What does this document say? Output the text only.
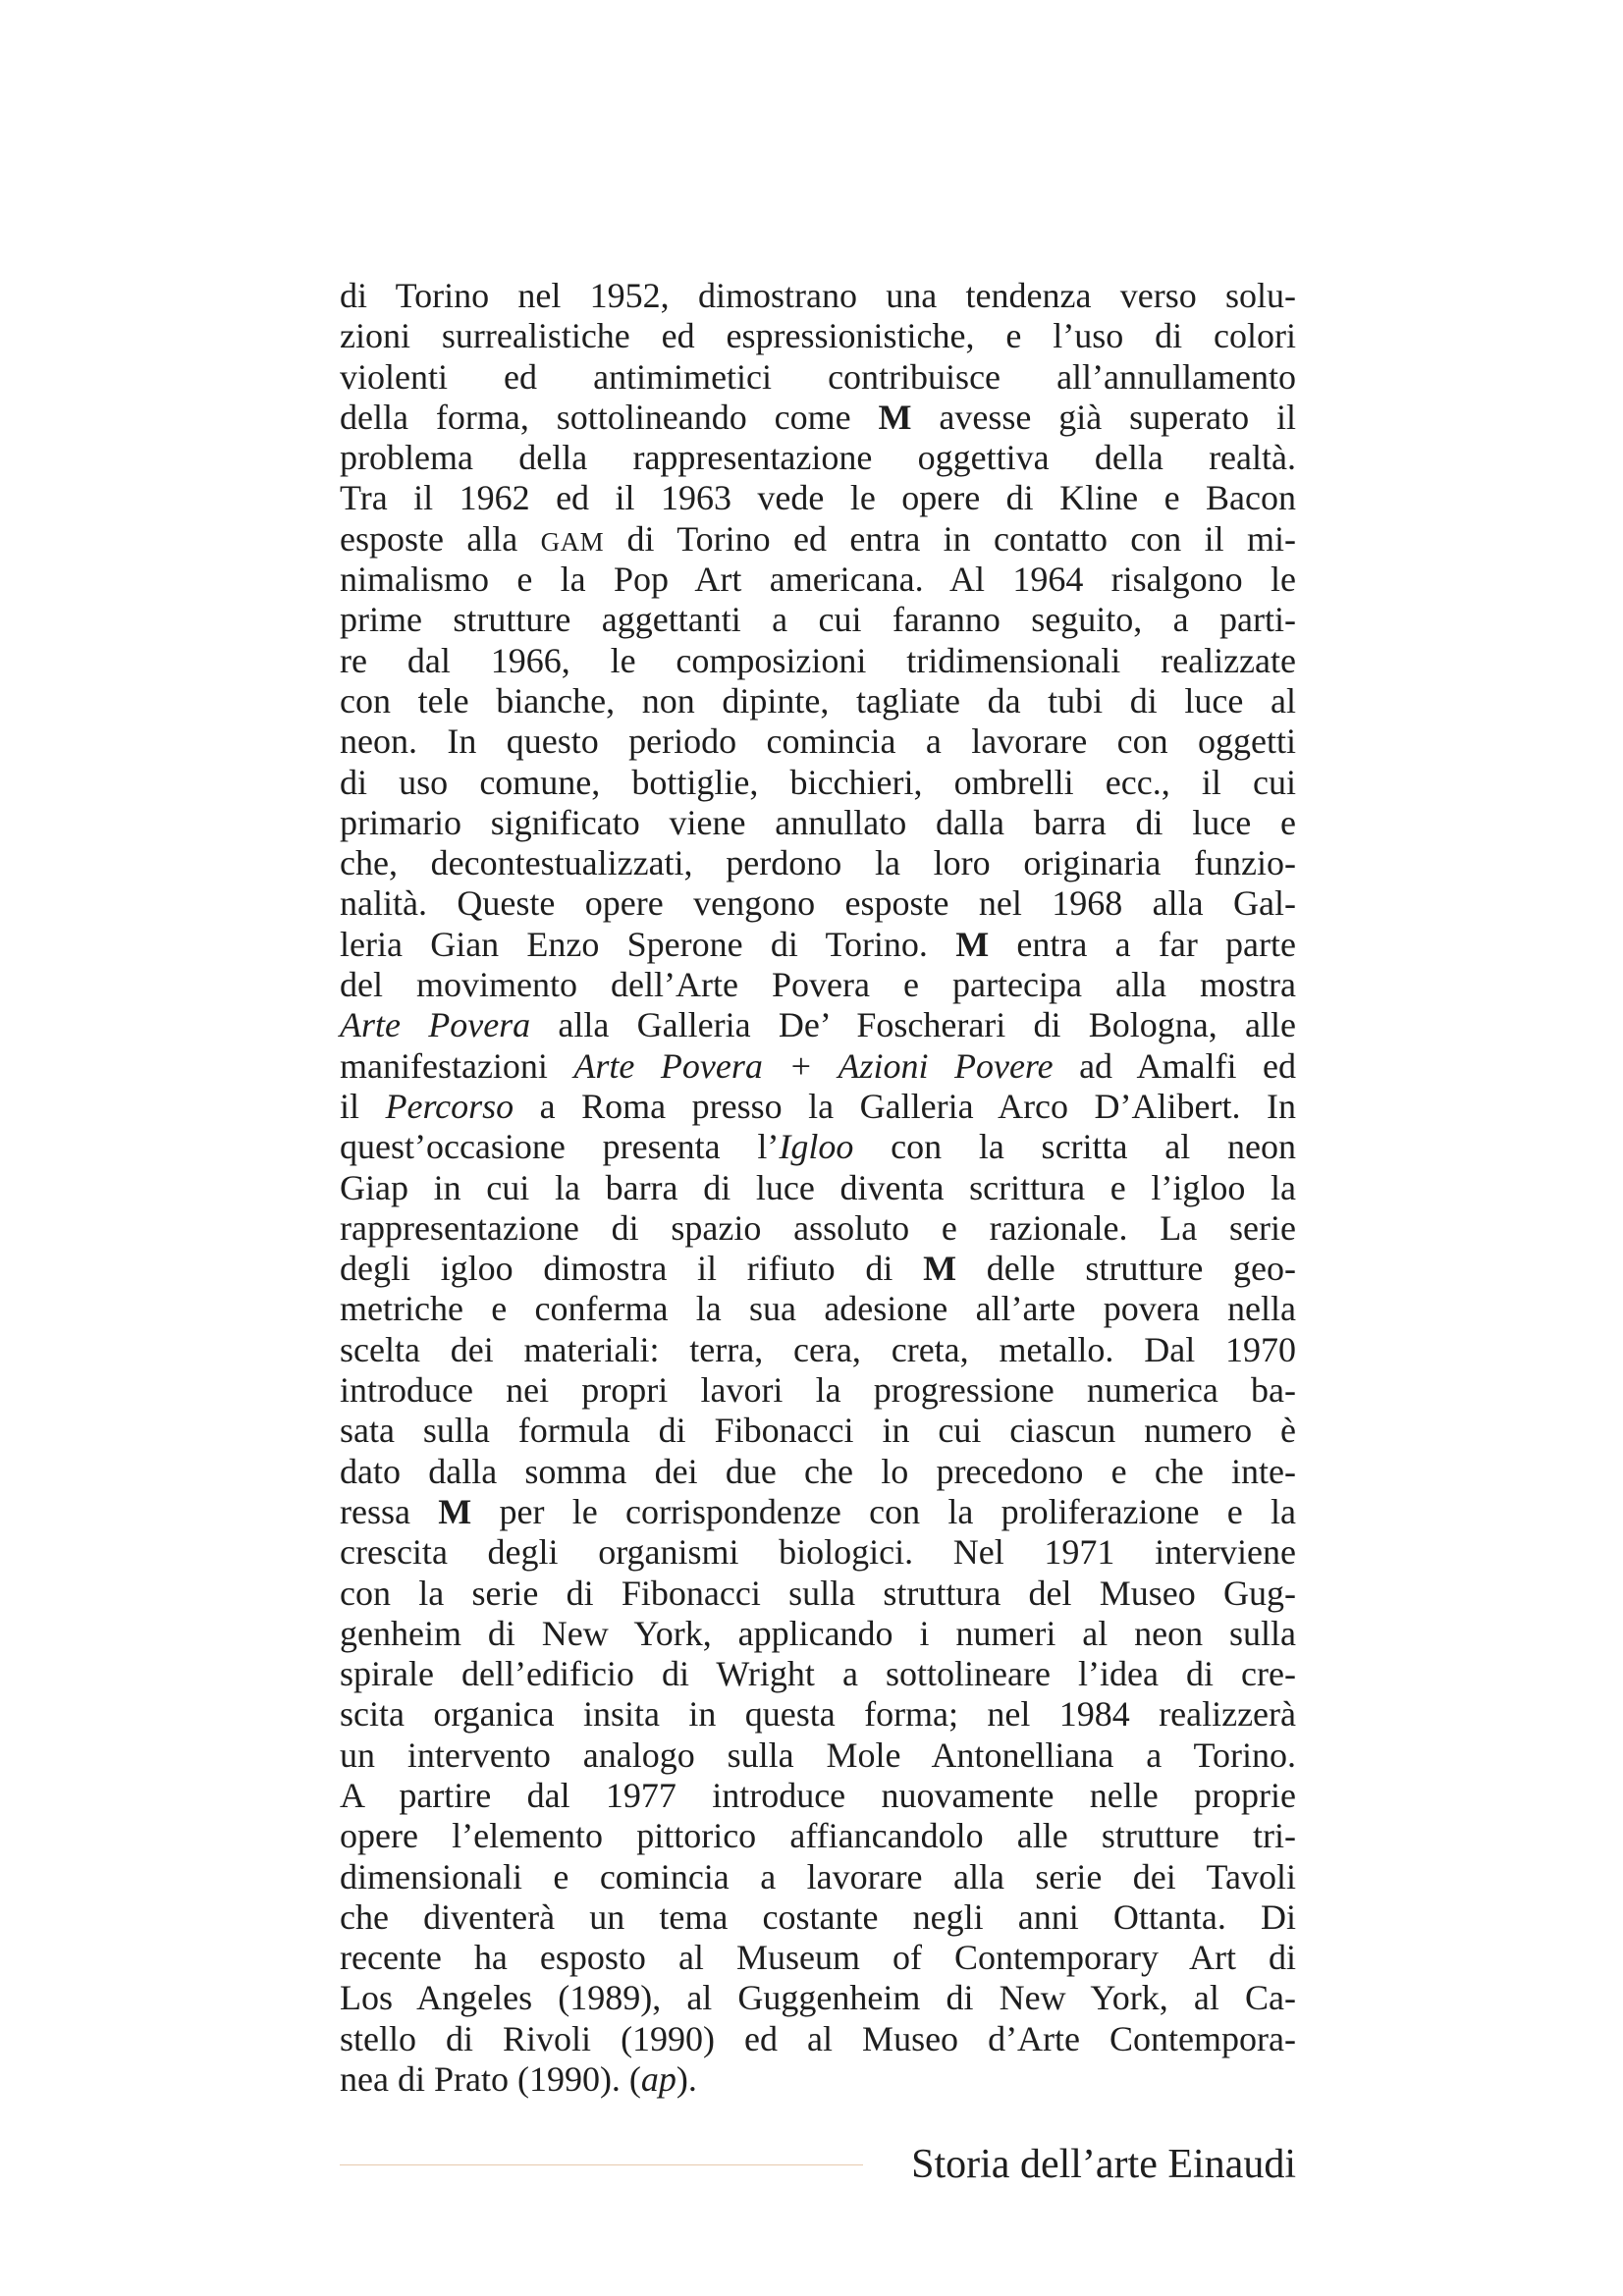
di Torino nel 1952, dimostrano una tendenza verso solu-
zioni surrealistiche ed espressionistiche, e l’uso di colori
violenti ed antimimetici contribuisce all’annullamento
della forma, sottolineando come M avesse già superato il
problema della rappresentazione oggettiva della realtà.
Tra il 1962 ed il 1963 vede le opere di Kline e Bacon
esposte alla GAM di Torino ed entra in contatto con il mi-
nimalismo e la Pop Art americana. Al 1964 risalgono le
prime strutture aggettanti a cui faranno seguito, a parti-
re dal 1966, le composizioni tridimensionali realizzate
con tele bianche, non dipinte, tagliate da tubi di luce al
neon. In questo periodo comincia a lavorare con oggetti
di uso comune, bottiglie, bicchieri, ombrelli ecc., il cui
primario significato viene annullato dalla barra di luce e
che, decontestualizzati, perdono la loro originaria funzio-
nalità. Queste opere vengono esposte nel 1968 alla Gal-
leria Gian Enzo Sperone di Torino. M entra a far parte
del movimento dell’Arte Povera e partecipa alla mostra
Arte Povera alla Galleria De’ Foscherari di Bologna, alle
manifestazioni Arte Povera + Azioni Povere ad Amalfi ed
il Percorso a Roma presso la Galleria Arco D’Alibert. In
quest’occasione presenta l’Igloo con la scritta al neon
Giap in cui la barra di luce diventa scrittura e l’igloo la
rappresentazione di spazio assoluto e razionale. La serie
degli igloo dimostra il rifiuto di M delle strutture geo-
metriche e conferma la sua adesione all’arte povera nella
scelta dei materiali: terra, cera, creta, metallo. Dal 1970
introduce nei propri lavori la progressione numerica ba-
sata sulla formula di Fibonacci in cui ciascun numero è
dato dalla somma dei due che lo precedono e che inte-
ressa M per le corrispondenze con la proliferazione e la
crescita degli organismi biologici. Nel 1971 interviene
con la serie di Fibonacci sulla struttura del Museo Gug-
genheim di New York, applicando i numeri al neon sulla
spirale dell’edificio di Wright a sottolineare l’idea di cre-
scita organica insita in questa forma; nel 1984 realizzerà
un intervento analogo sulla Mole Antonelliana a Torino.
A partire dal 1977 introduce nuovamente nelle proprie
opere l’elemento pittorico affiancandolo alle strutture tri-
dimensionali e comincia a lavorare alla serie dei Tavoli
che diventerà un tema costante negli anni Ottanta. Di
recente ha esposto al Museum of Contemporary Art di
Los Angeles (1989), al Guggenheim di New York, al Ca-
stello di Rivoli (1990) ed al Museo d’Arte Contempora-
nea di Prato (1990). (ap).
Storia dell’arte Einaudi
